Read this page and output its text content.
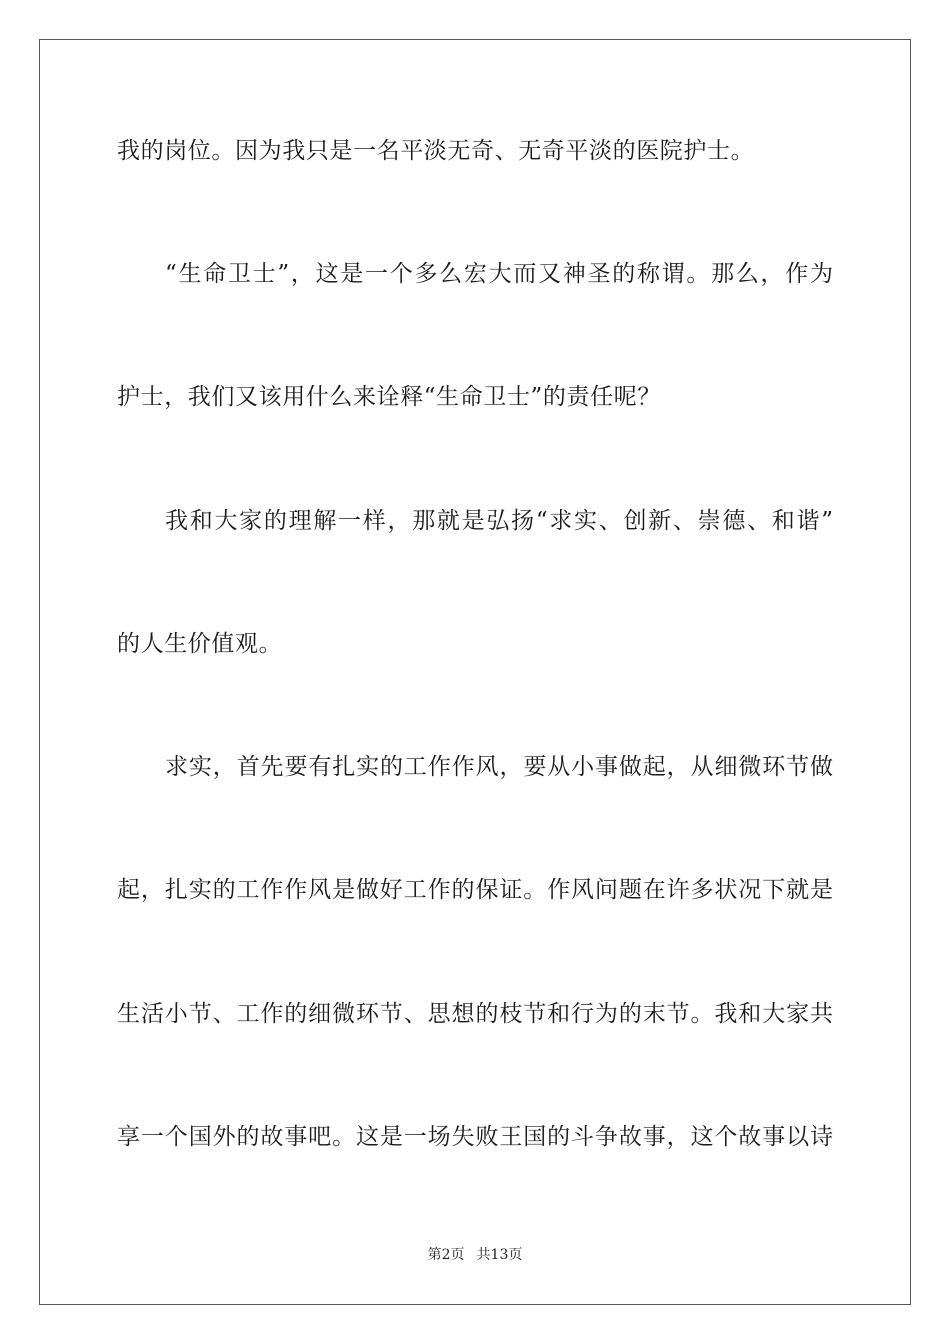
我的岗位。因为我只是一名平淡无奇、无奇平淡的医院护士。
“生命卫士”，这是一个多么宏大而又神圣的称谓。那么，作为
护士，我们又该用什么来诠释“生命卫士”的责任呢？
我和大家的理解一样，那就是弘扬“求实、创新、崇德、和谐”
的人生价值观。
求实，首先要有扎实的工作作风，要从小事做起，从细微环节做
起，扎实的工作作风是做好工作的保证。作风问题在许多状况下就是
生活小节、工作的细微环节、思想的枝节和行为的末节。我和大家共
享一个国外的故事吧。这是一场失败王国的斗争故事，这个故事以诗
第2页 共13页
